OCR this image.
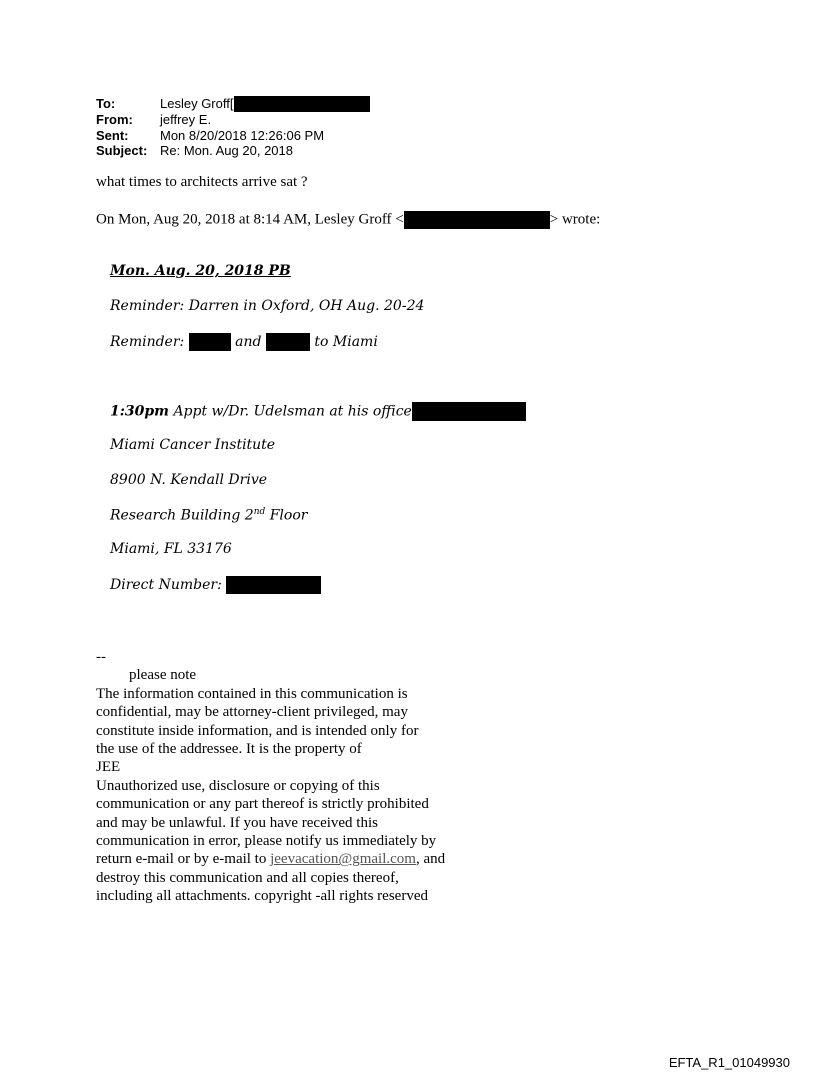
To:	Lesley Groff[
From:	jeffrey E.
Sent:	Mon 8/20/2018 12:26:06 PM
Subject: Re: Mon. Aug 20, 2018
what times to architects arrive sat ?
On Mon, Aug 20, 2018 at 8:14 AM, Lesley Groff <	> wrote:
Mon. Aug. 20, 2018 PB
Reminder: Darren in Oxford, OH Aug. 20-24
Reminder:	and	to Miami
1:30pm Appt w/Dr. Udelsman at his office
Miami Cancer Institute
8900 N. Kendall Drive
Research Building 2nd Floor
Miami, FL 33176
Direct Number:
--
please note
The information contained in this communication is
confidential, may be attorney-client privileged, may
constitute inside information, and is intended only for
the use of the addressee. It is the property of
JEE
Unauthorized use, disclosure or copying of this
communication or any part thereof is strictly prohibited
and may be unlawful. If you have received this
communication in error, please notify us immediately by
return e-mail or by e-mail to jeevacation@gmail.com, and
destroy this communication and all copies thereof,
including all attachments. copyright -all rights reserved
EFTA_R1_01049930
